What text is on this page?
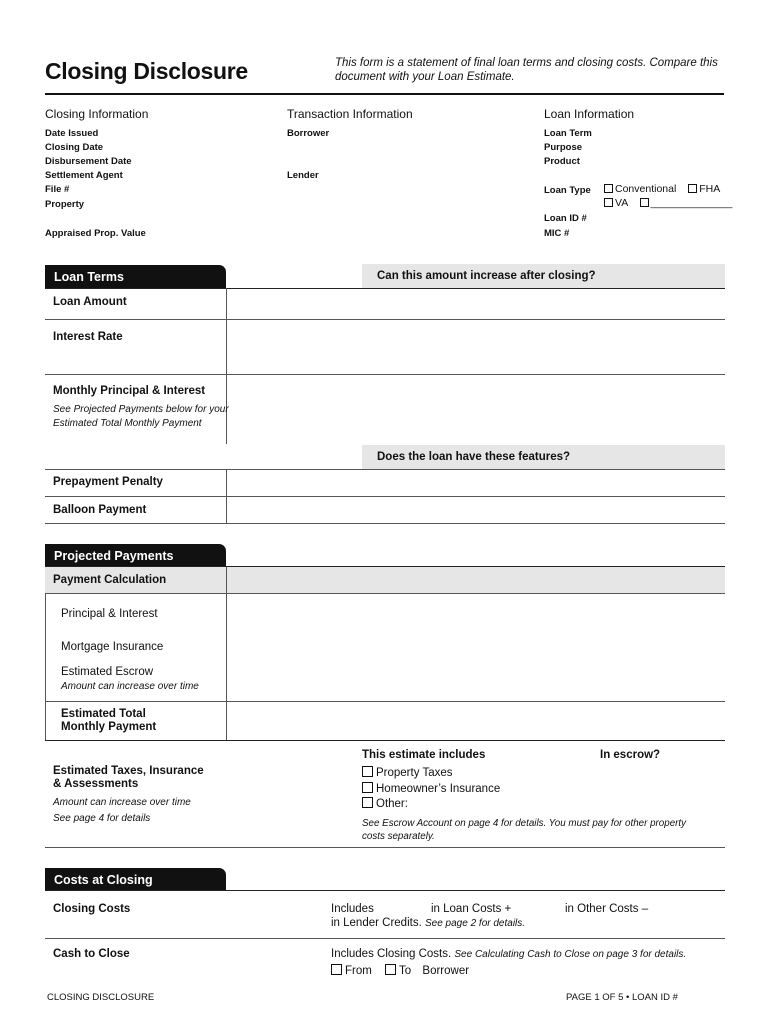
Closing Disclosure	This form is a statement of final loan terms and closing costs. Compare this
document with your Loan Estimate.
Closing Information
Date Issued
Closing Date
Disbursement Date
Settlement Agent
File #
Property
Appraised Prop. Value
Transaction Information
Borrower
Lender
Loan Information
Loan Term
Purpose
Product
Loan Type	Conventional FHA
VA ______________
Loan ID #
MIC #
Loan Terms	Can this amount increase after closing?
Loan Amount
Interest Rate
Monthly Principal & Interest
See Projected Payments below for your
Estimated Total Monthly Payment
Does the loan have these features?
Prepayment Penalty
Balloon Payment
Projected Payments
Payment Calculation
Principal & Interest
Mortgage Insurance
Estimated Escrow
Amount can increase over time
Estimated Total
Monthly Payment
Estimated Taxes, Insurance
& Assessments
Amount can increase over time
See page 4 for details
This estimate includes	In escrow?
Property Taxes
Homeowner’s Insurance
Other:
See Escrow Account on page 4 for details. You must pay for other property
costs separately.
Costs at Closing
Closing Costs	Includes	in Loan Costs +	in Other Costs –
in Lender Credits. See page 2 for details.
Cash to Close	Includes Closing Costs. See Calculating Cash to Close on page 3 for details.
From To Borrower
CLOSING DISCLOSURE	PAGE 1 OF 5 • LOAN ID #
